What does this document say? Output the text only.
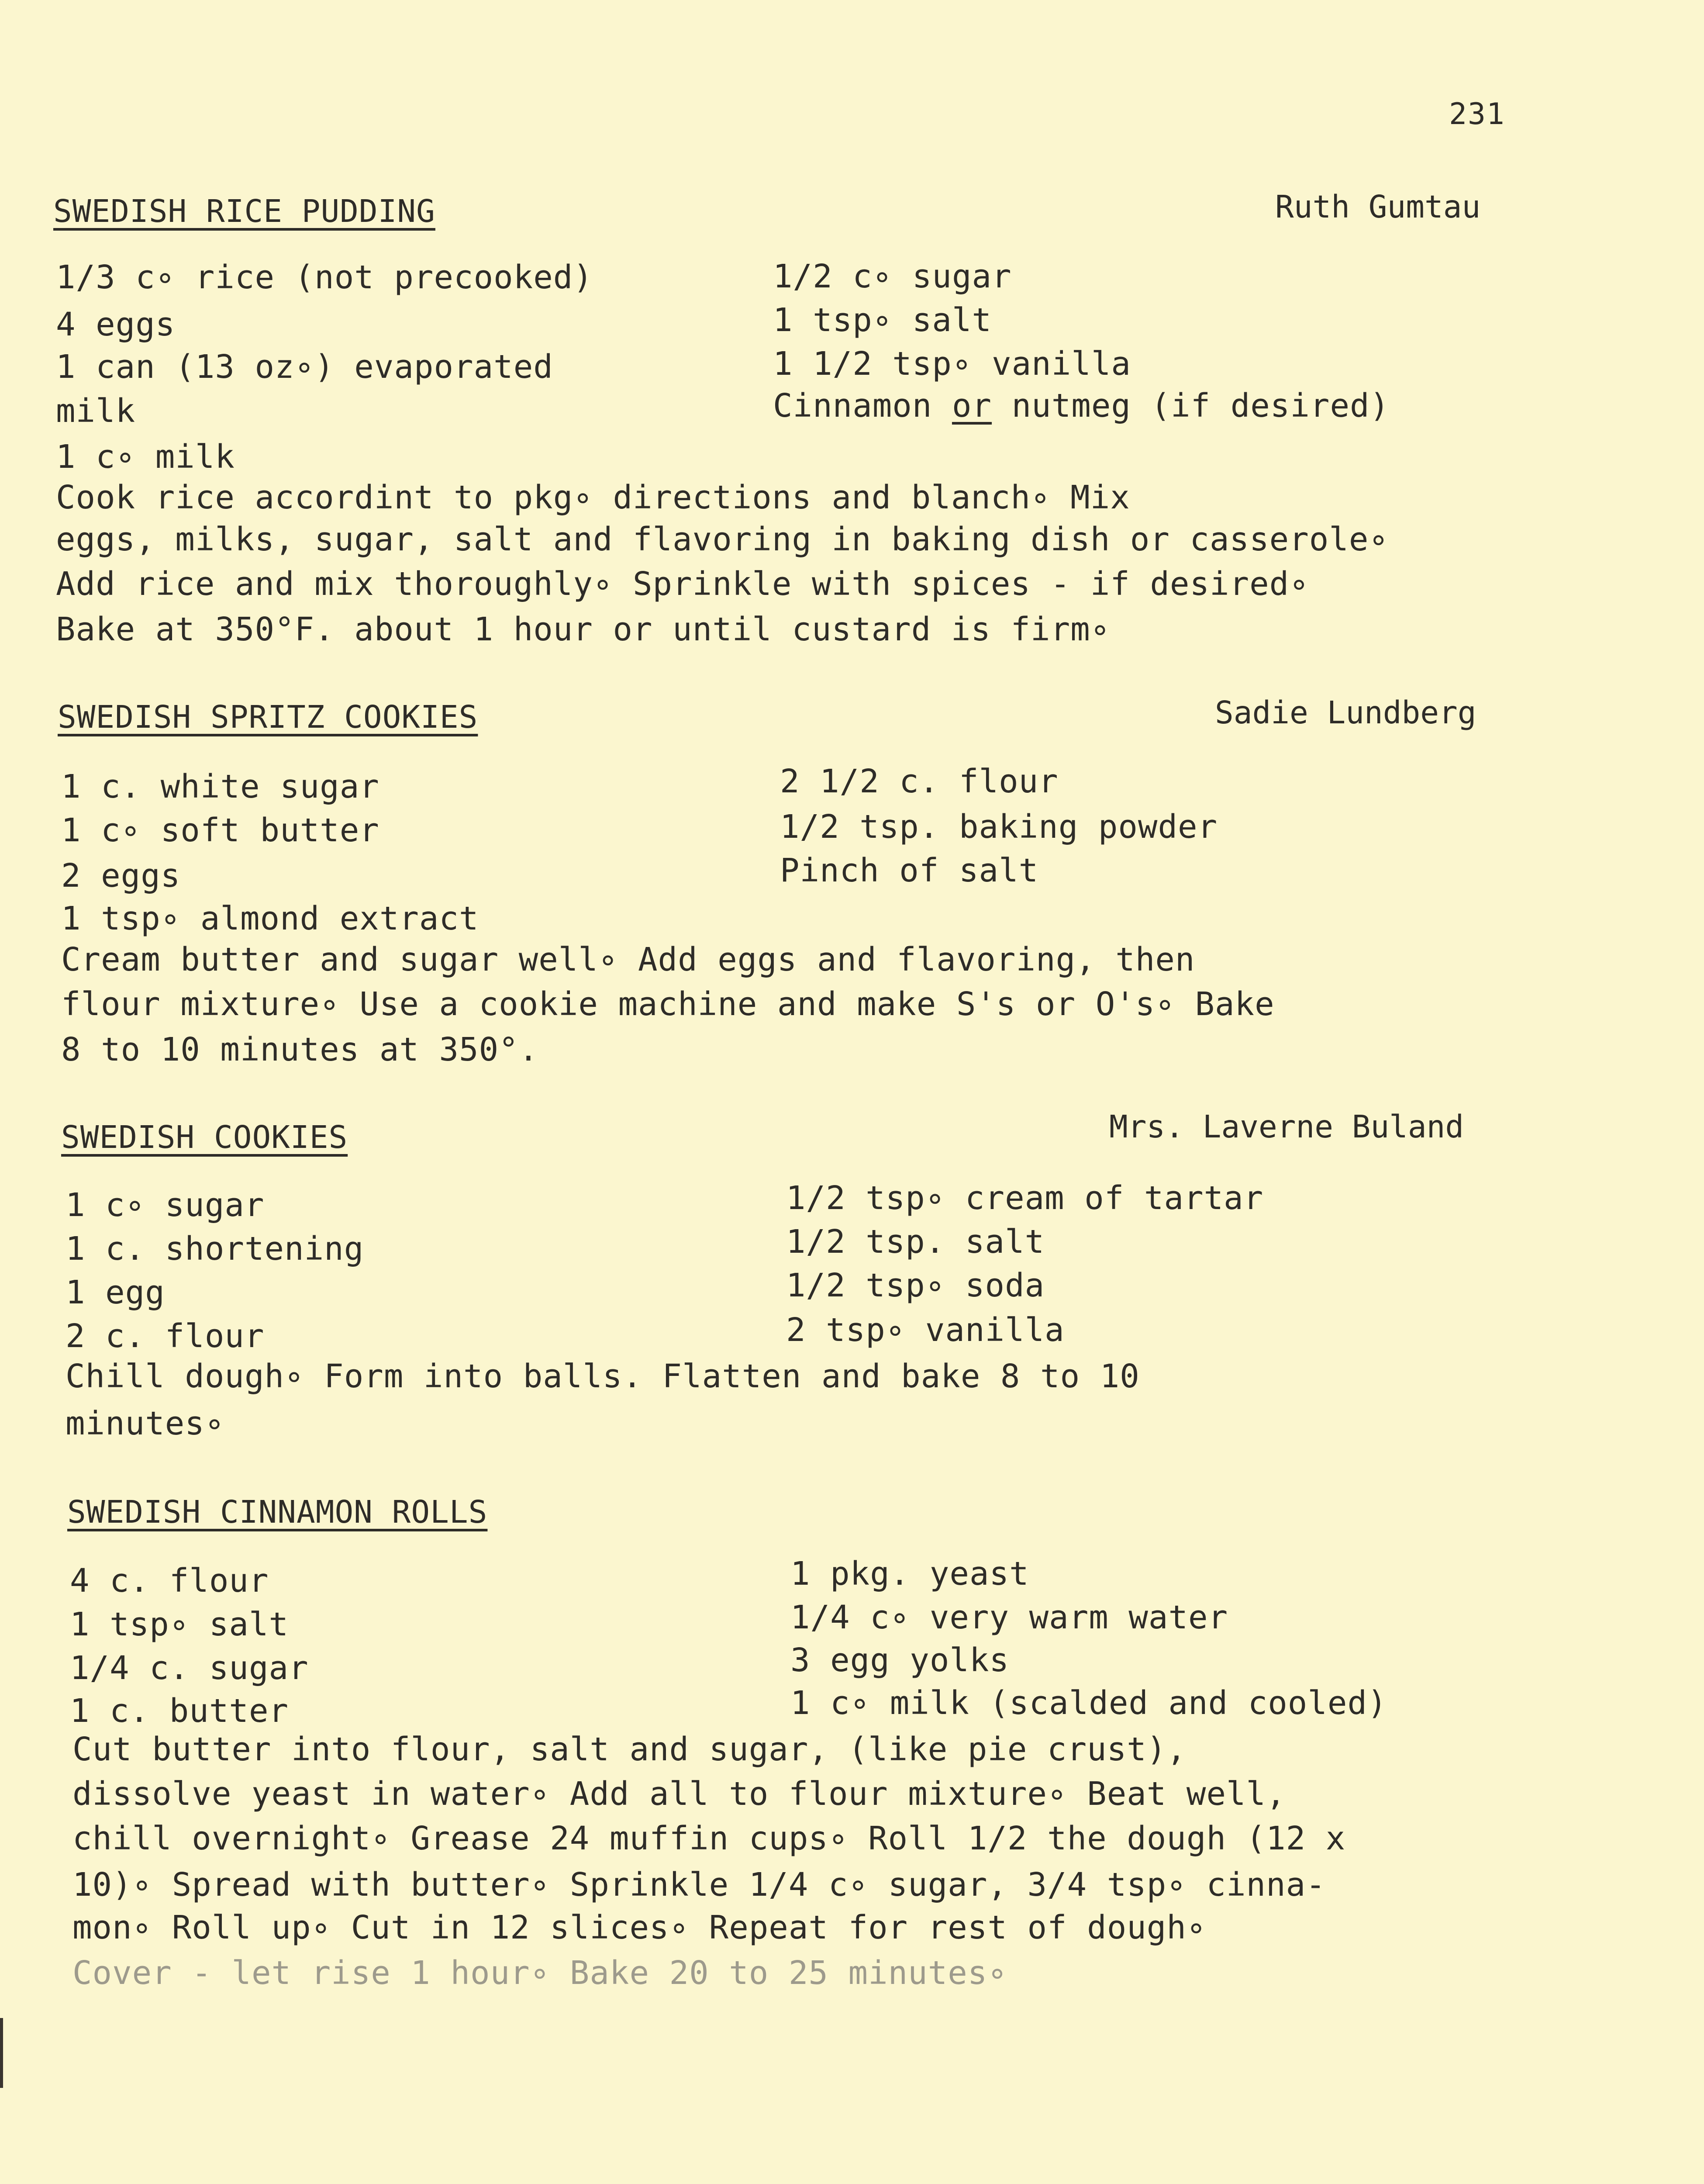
231
SWEDISH RICE PUDDING	Ruth Gumtau
1/3 c∘ rice (not precooked)
4 eggs
1 can (13 oz∘) evaporated
milk
1 c∘ milk
1/2 c∘ sugar
1 tsp∘ salt
1 1/2 tsp∘ vanilla
Cinnamon or nutmeg (if desired)
Cook rice accordint to pkg∘ directions and blanch∘ Mix
eggs, milks, sugar, salt and flavoring in baking dish or casserole∘
Add rice and mix thoroughly∘ Sprinkle with spices - if desired∘
Bake at 350°F. about 1 hour or until custard is firm∘
SWEDISH SPRITZ COOKIES	Sadie Lundberg
1 c. white sugar
1 c∘ soft butter
2 eggs
1 tsp∘ almond extract
2 1/2 c. flour
1/2 tsp. baking powder
Pinch of salt
Cream butter and sugar well∘ Add eggs and flavoring, then
flour mixture∘ Use a cookie machine and make S's or O's∘ Bake
8 to 10 minutes at 350°.
SWEDISH COOKIES	Mrs. Laverne Buland
1 c∘ sugar
1 c. shortening
1 egg
2 c. flour
1/2 tsp∘ cream of tartar
1/2 tsp. salt
1/2 tsp∘ soda
2 tsp∘ vanilla
Chill dough∘ Form into balls. Flatten and bake 8 to 10
minutes∘
SWEDISH CINNAMON ROLLS
4 c. flour
1 tsp∘ salt
1/4 c. sugar
1 c. butter
1 pkg. yeast
1/4 c∘ very warm water
3 egg yolks
1 c∘ milk (scalded and cooled)
Cut butter into flour, salt and sugar, (like pie crust),
dissolve yeast in water∘ Add all to flour mixture∘ Beat well,
chill overnight∘ Grease 24 muffin cups∘ Roll 1/2 the dough (12 x
10)∘ Spread with butter∘ Sprinkle 1/4 c∘ sugar, 3/4 tsp∘ cinna-
mon∘ Roll up∘ Cut in 12 slices∘ Repeat for rest of dough∘
Cover - let rise 1 hour∘ Bake 20 to 25 minutes∘
